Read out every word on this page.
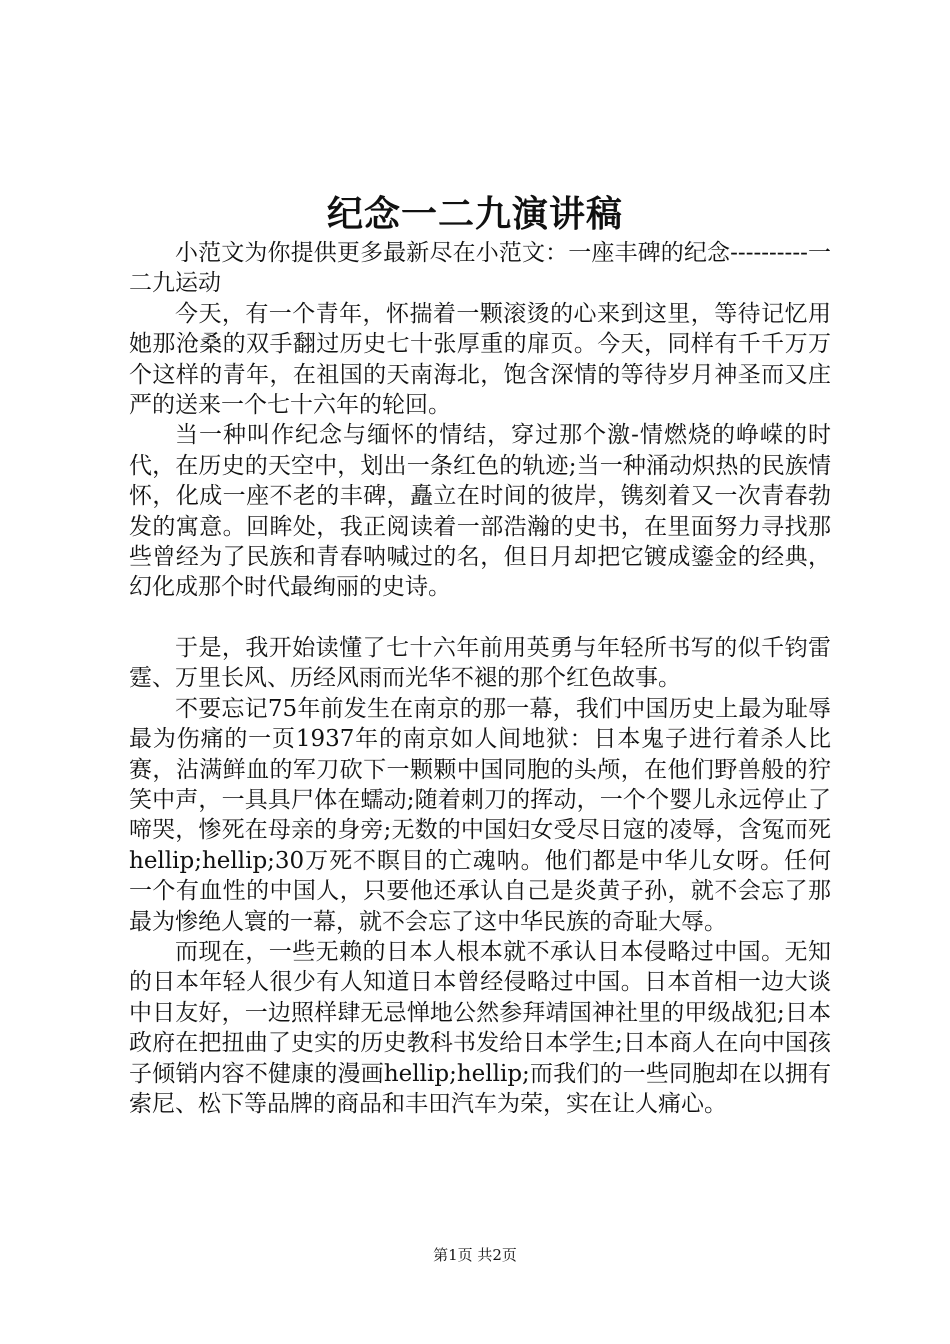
纪念一二九演讲稿

小范文为你提供更多最新尽在小范文：一座丰碑的纪念----------一二九运动

今天，有一个青年，怀揣着一颗滚烫的心来到这里，等待记忆用她那沧桑的双手翻过历史七十张厚重的扉页。今天，同样有千千万万个这样的青年，在祖国的天南海北，饱含深情的等待岁月神圣而又庄严的送来一个七十六年的轮回。

当一种叫作纪念与缅怀的情结，穿过那个激-情燃烧的峥嵘的时代，在历史的天空中，划出一条红色的轨迹;当一种涌动炽热的民族情怀，化成一座不老的丰碑，矗立在时间的彼岸，镌刻着又一次青春勃发的寓意。回眸处，我正阅读着一部浩瀚的史书，在里面努力寻找那些曾经为了民族和青春呐喊过的名，但日月却把它镀成鎏金的经典，幻化成那个时代最绚丽的史诗。

于是，我开始读懂了七十六年前用英勇与年轻所书写的似千钧雷霆、万里长风、历经风雨而光华不褪的那个红色故事。

不要忘记75年前发生在南京的那一幕，我们中国历史上最为耻辱最为伤痛的一页1937年的南京如人间地狱：日本鬼子进行着杀人比赛，沾满鲜血的军刀砍下一颗颗中国同胞的头颅，在他们野兽般的狞笑中声，一具具尸体在蠕动;随着刺刀的挥动，一个个婴儿永远停止了啼哭，惨死在母亲的身旁;无数的中国妇女受尽日寇的凌辱，含冤而死hellip;hellip;30万死不瞑目的亡魂呐。他们都是中华儿女呀。任何一个有血性的中国人，只要他还承认自己是炎黄子孙，就不会忘了那最为惨绝人寰的一幕，就不会忘了这中华民族的奇耻大辱。

而现在，一些无赖的日本人根本就不承认日本侵略过中国。无知的日本年轻人很少有人知道日本曾经侵略过中国。日本首相一边大谈中日友好，一边照样肆无忌惮地公然参拜靖国神社里的甲级战犯;日本政府在把扭曲了史实的历史教科书发给日本学生;日本商人在向中国孩子倾销内容不健康的漫画hellip;hellip;而我们的一些同胞却在以拥有索尼、松下等品牌的商品和丰田汽车为荣，实在让人痛心。

第1页 共2页
